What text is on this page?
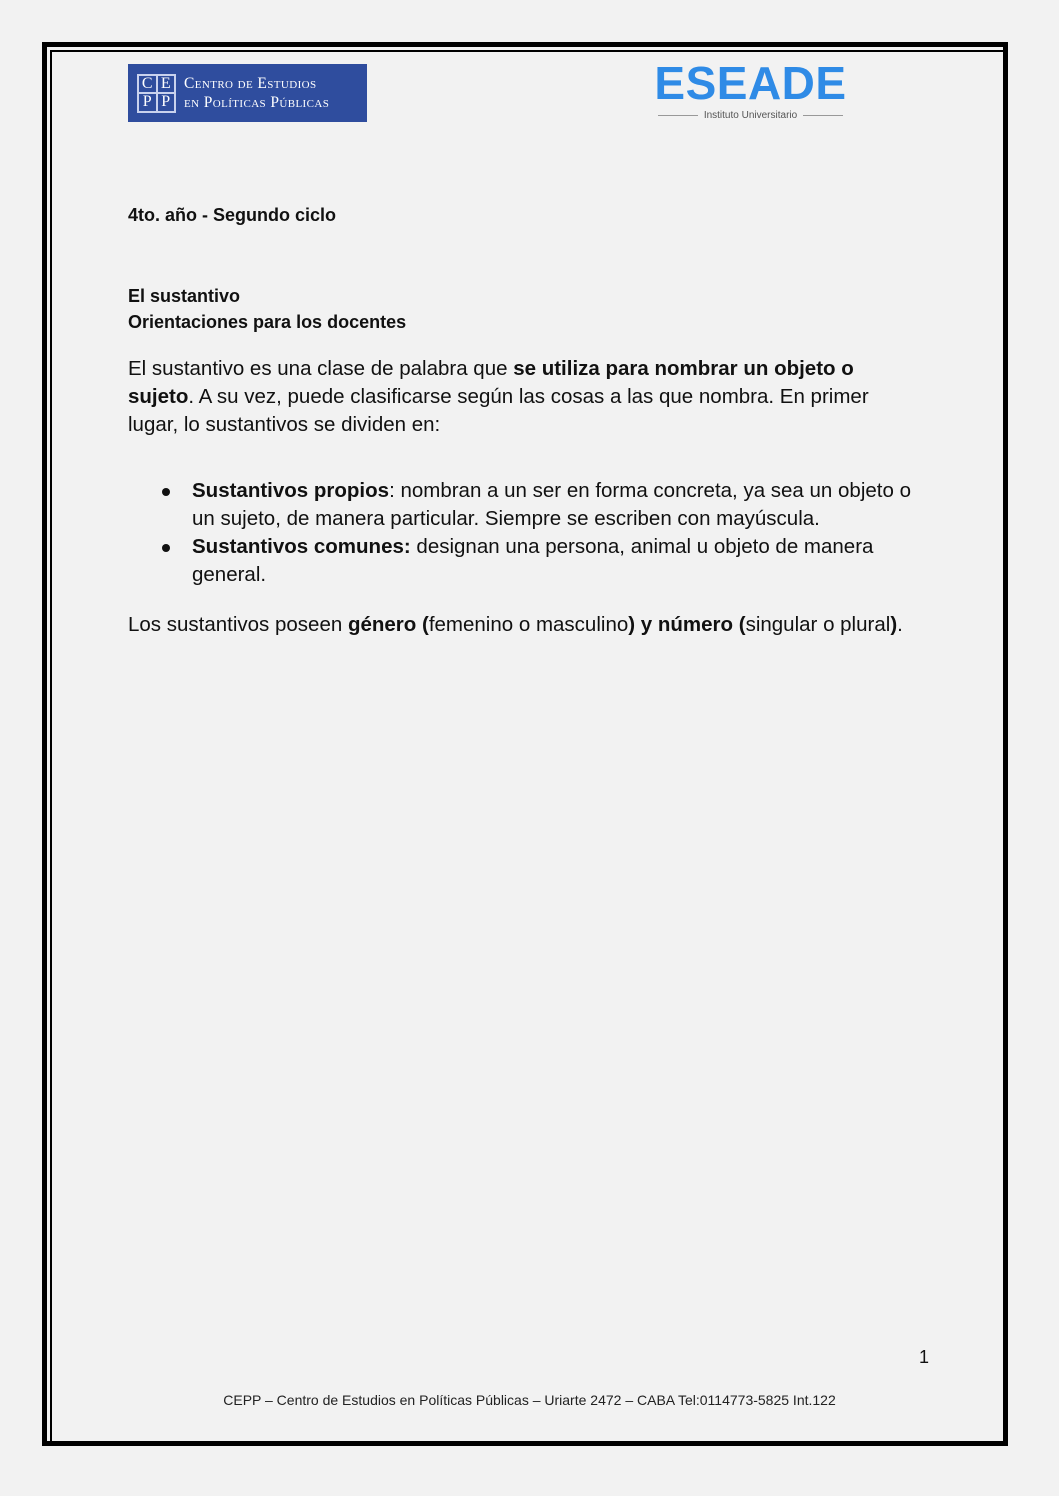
C E
P P
Centro de Estudios
en Políticas Públicas	ESEADE
Instituto Universitario
4to. año - Segundo ciclo
El sustantivo
Orientaciones para los docentes
El sustantivo es una clase de palabra que se utiliza para nombrar un objeto o sujeto. A su vez, puede clasificarse según las cosas a las que nombra. En primer lugar, lo sustantivos se dividen en:
Sustantivos propios: nombran a un ser en forma concreta, ya sea un objeto o un sujeto, de manera particular. Siempre se escriben con mayúscula.
Sustantivos comunes: designan una persona, animal u objeto de manera general.
Los sustantivos poseen género (femenino o masculino) y número (singular o plural).
1
CEPP – Centro de Estudios en Políticas Públicas – Uriarte 2472 – CABA Tel:0114773-5825 Int.122
